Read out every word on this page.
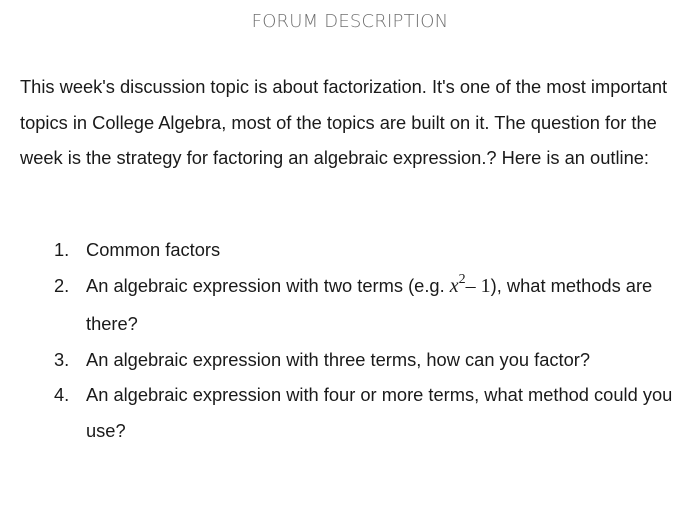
FORUM DESCRIPTION
This week's discussion topic is about factorization. It's one of the most important topics in College Algebra, most of the topics are built on it. The question for the week is the strategy for factoring an algebraic expression.? Here is an outline:
1. Common factors
2. An algebraic expression with two terms (e.g. $x^2-$ 1), what methods are there?
3. An algebraic expression with three terms, how can you factor?
4. An algebraic expression with four or more terms, what method could you use?
